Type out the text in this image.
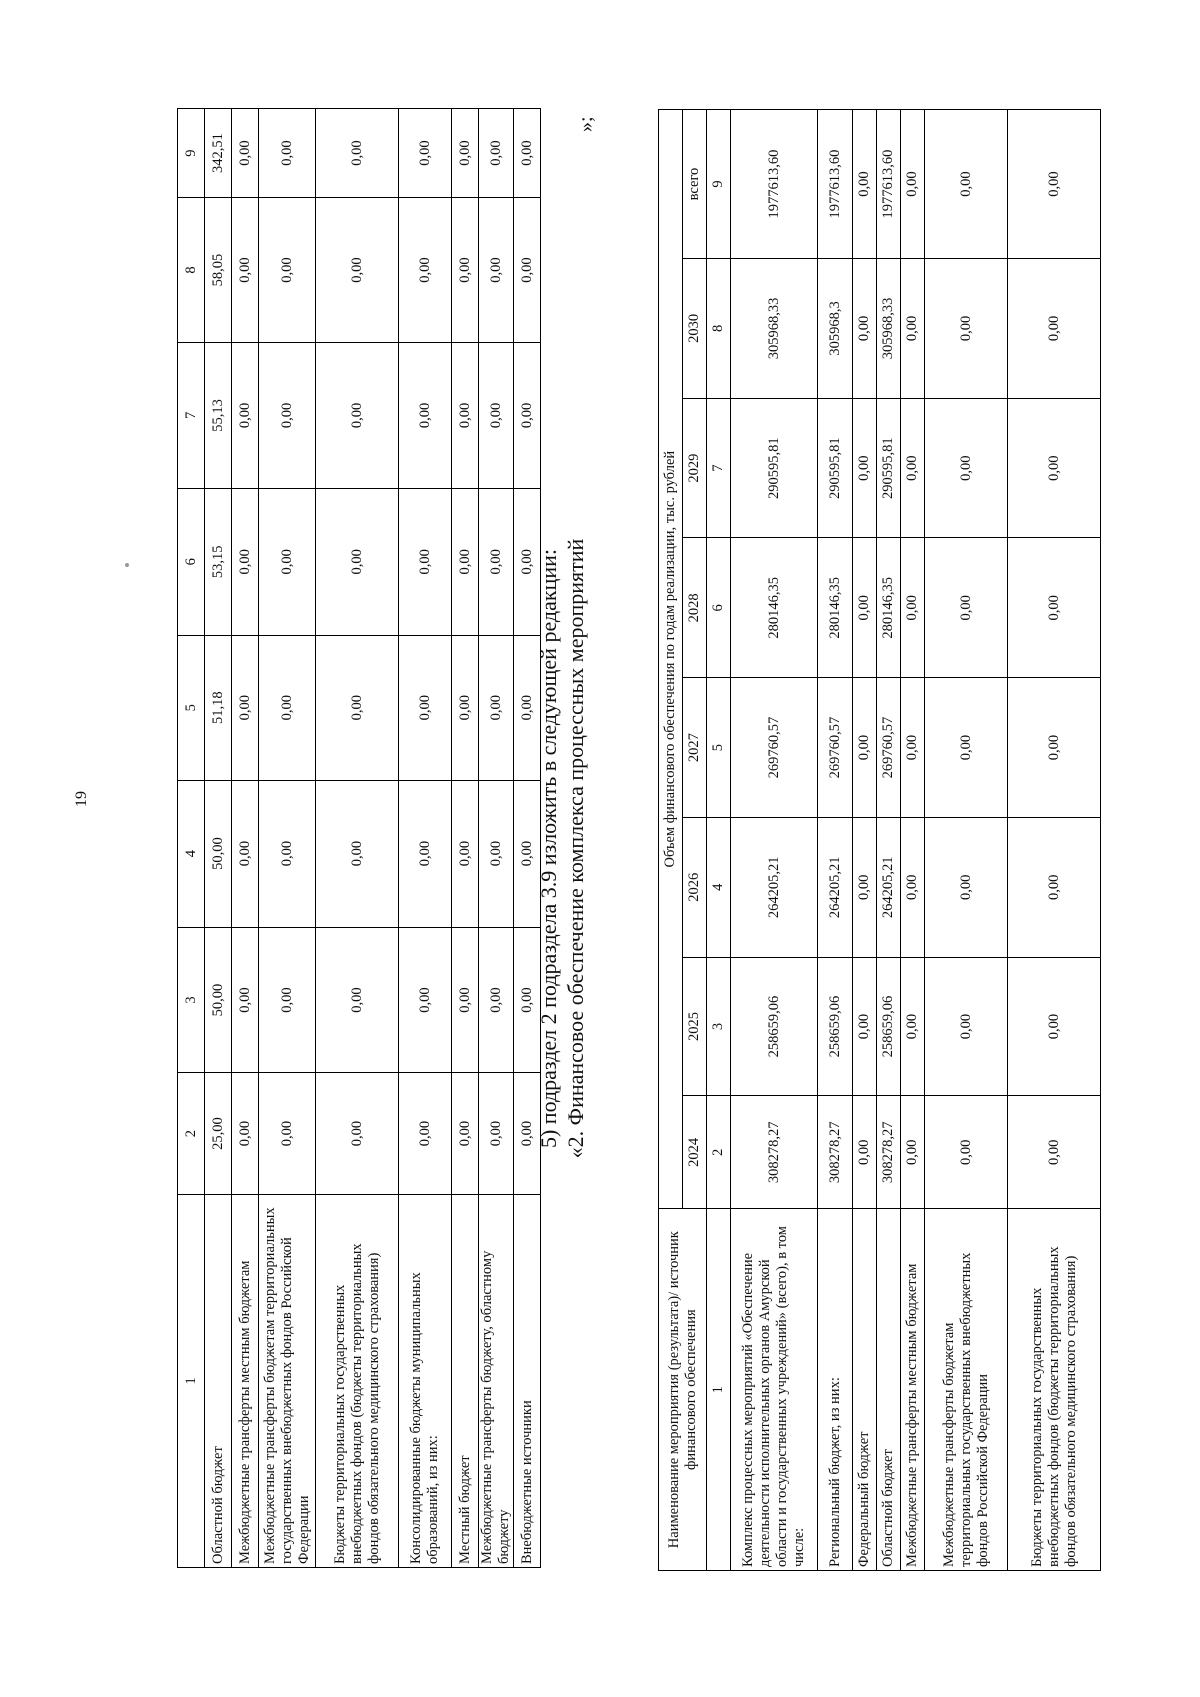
19
1	2	3	4	5	6	7	8	9
Областной бюджет	25,00	50,00	50,00	51,18	53,15	55,13	58,05	342,51
Межбюджетные трансферты местным бюджетам	0,00	0,00	0,00	0,00	0,00	0,00	0,00	0,00
Межбюджетные трансферты бюджетам территориальных государственных внебюджетных фондов Российской Федерации	0,00	0,00	0,00	0,00	0,00	0,00	0,00	0,00
Бюджеты территориальных государственных внебюджетных фондов (бюджеты территориальных фондов обязательного медицинского страхования)	0,00	0,00	0,00	0,00	0,00	0,00	0,00	0,00
Консолидированные бюджеты муниципальных образований, из них:	0,00	0,00	0,00	0,00	0,00	0,00	0,00	0,00
Местный бюджет	0,00	0,00	0,00	0,00	0,00	0,00	0,00	0,00
Межбюджетные трансферты бюджету, областному бюджету	0,00	0,00	0,00	0,00	0,00	0,00	0,00	0,00
Внебюджетные источники	0,00	0,00	0,00	0,00	0,00	0,00	0,00	0,00
»;
5) подраздел 2 подраздела 3.9 изложить в следующей редакции: «2. Финансовое обеспечение комплекса процессных мероприятий
Наименование мероприятия (результата)/ источник финансового обеспечения	Объем финансового обеспечения по годам реализации, тыс. рублей							
	2024	2025	2026	2027	2028	2029	2030	всего
1	2	3	4	5	6	7	8	9
Комплекс процессных мероприятий «Обеспечение деятельности исполнительных органов Амурской области и государственных учреждений» (всего), в том числе:	308278,27	258659,06	264205,21	269760,57	280146,35	290595,81	305968,33	1977613,60
Региональный бюджет, из них:	308278,27	258659,06	264205,21	269760,57	280146,35	290595,81	305968,3	1977613,60
Федеральный бюджет	0,00	0,00	0,00	0,00	0,00	0,00	0,00	0,00
Областной бюджет	308278,27	258659,06	264205,21	269760,57	280146,35	290595,81	305968,33	1977613,60
Межбюджетные трансферты местным бюджетам	0,00	0,00	0,00	0,00	0,00	0,00	0,00	0,00
Межбюджетные трансферты бюджетам территориальных государственных внебюджетных фондов Российской Федерации	0,00	0,00	0,00	0,00	0,00	0,00	0,00	0,00
Бюджеты территориальных государственных внебюджетных фондов (бюджеты территориальных фондов обязательного медицинского страхования)	0,00	0,00	0,00	0,00	0,00	0,00	0,00	0,00
